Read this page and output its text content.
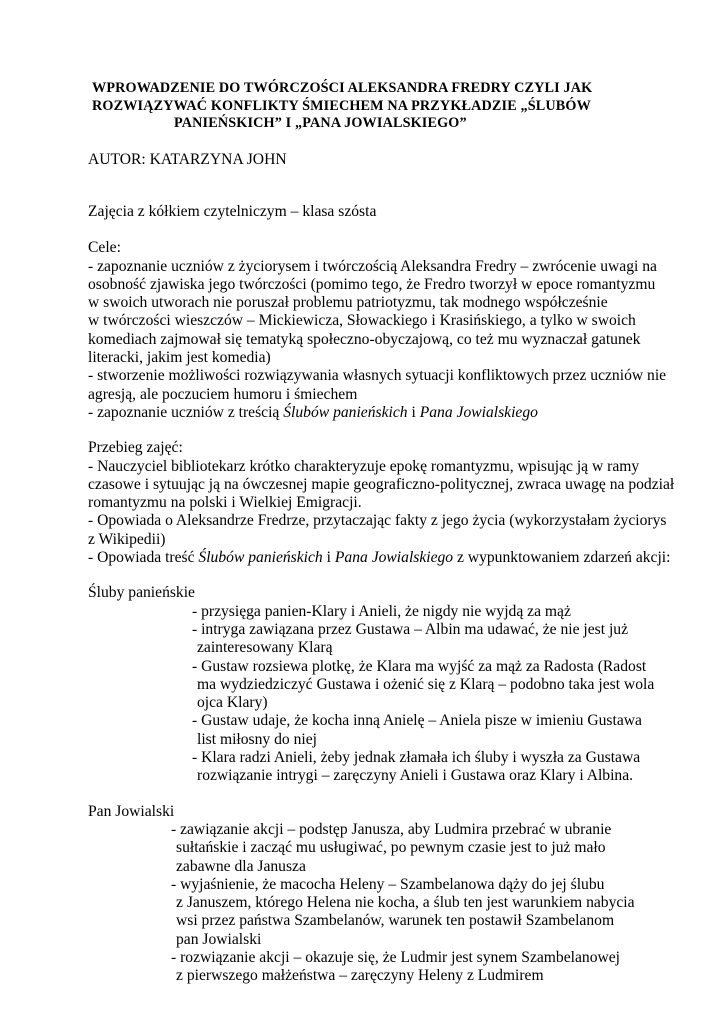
WPROWADZENIE DO TWÓRCZOŚCI ALEKSANDRA FREDRY CZYLI JAK
ROZWIĄZYWAĆ KONFLIKTY ŚMIECHEM NA PRZYKŁADZIE „ŚLUBÓW
PANIEŃSKICH” I „PANA JOWIALSKIEGO”
AUTOR: KATARZYNA JOHN
Zajęcia z kółkiem czytelniczym – klasa szósta
Cele:
- zapoznanie uczniów z życiorysem i twórczością Aleksandra Fredry – zwrócenie uwagi na
osobność zjawiska jego twórczości (pomimo tego, że Fredro tworzył w epoce romantyzmu
w swoich utworach nie poruszał problemu patriotyzmu, tak modnego współcześnie
w twórczości wieszczów – Mickiewicza, Słowackiego i Krasińskiego, a tylko w swoich
komediach zajmował się tematyką społeczno-obyczajową, co też mu wyznaczał gatunek
literacki, jakim jest komedia)
- stworzenie możliwości rozwiązywania własnych sytuacji konfliktowych przez uczniów nie
agresją, ale poczuciem humoru i śmiechem
- zapoznanie uczniów z treścią Ślubów panieńskich i Pana Jowialskiego
Przebieg zajęć:
- Nauczyciel bibliotekarz krótko charakteryzuje epokę romantyzmu, wpisując ją w ramy
czasowe i sytuując ją na ówczesnej mapie geograficzno-politycznej, zwraca uwagę na podział
romantyzmu na polski i Wielkiej Emigracji.
- Opowiada o Aleksandrze Fredrze, przytaczając fakty z jego życia (wykorzystałam życiorys
z Wikipedii)
- Opowiada treść Ślubów panieńskich i Pana Jowialskiego z wypunktowaniem zdarzeń akcji:
Śluby panieńskie
- przysięga panien-Klary i Anieli, że nigdy nie wyjdą za mąż
- intryga zawiązana przez Gustawa – Albin ma udawać, że nie jest już
zainteresowany Klarą
- Gustaw rozsiewa plotkę, że Klara ma wyjść za mąż za Radosta (Radost
ma wydziedziczyć Gustawa i ożenić się z Klarą – podobno taka jest wola
ojca Klary)
- Gustaw udaje, że kocha inną Anielę – Aniela pisze w imieniu Gustawa
list miłosny do niej
- Klara radzi Anieli, żeby jednak złamała ich śluby i wyszła za Gustawa
rozwiązanie intrygi – zaręczyny Anieli i Gustawa oraz Klary i Albina.
Pan Jowialski
- zawiązanie akcji – podstęp Janusza, aby Ludmira przebrać w ubranie
sułtańskie i zacząć mu usługiwać, po pewnym czasie jest to już mało
zabawne dla Janusza
- wyjaśnienie, że macocha Heleny – Szambelanowa dąży do jej ślubu
z Januszem, którego Helena nie kocha, a ślub ten jest warunkiem nabycia
wsi przez państwa Szambelanów, warunek ten postawił Szambelanom
pan Jowialski
- rozwiązanie akcji – okazuje się, że Ludmir jest synem Szambelanowej
z pierwszego małżeństwa – zaręczyny Heleny z Ludmirem
